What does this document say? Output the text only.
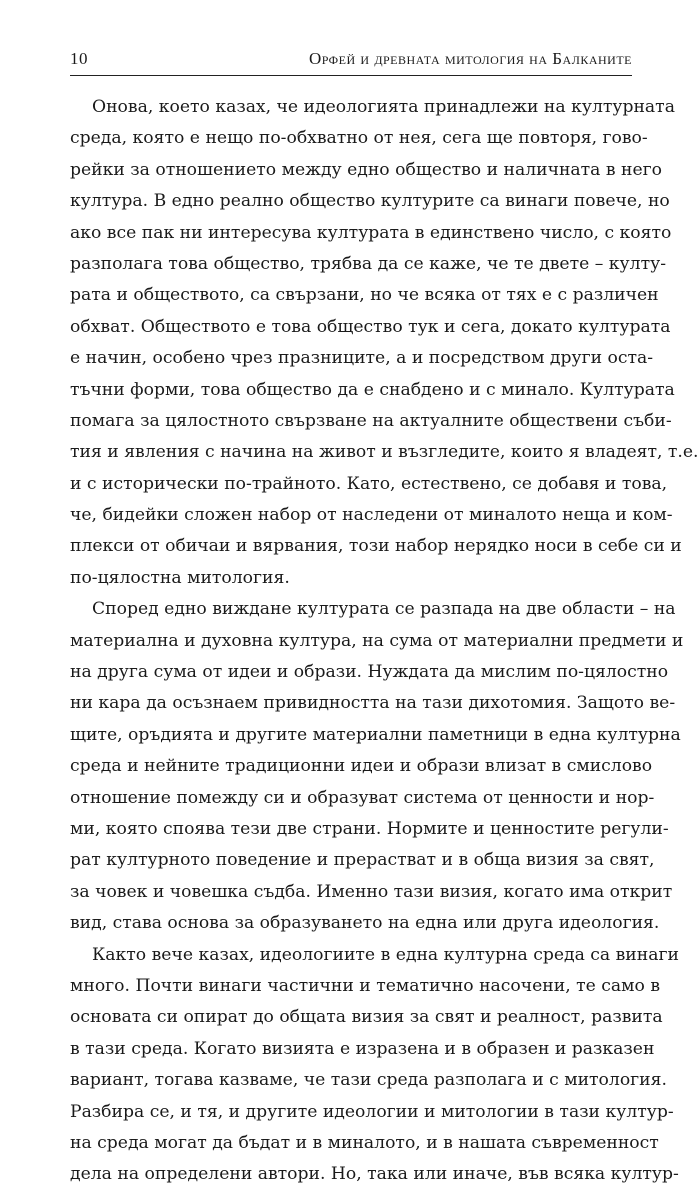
10	Орфей и древната митология на Балканите
Онова, което казах, че идеологията принадлежи на културната
среда, която е нещо по-обхватно от нея, сега ще повторя, гово-
рейки за отношението между едно общество и наличната в него
култура. В едно реално общество културите са винаги повече, но
ако все пак ни интересува културата в единствено число, с която
разполага това общество, трябва да се каже, че те двете – култу-
рата и обществото, са свързани, но че всяка от тях е с различен
обхват. Обществото е това общество тук и сега, докато културата
е начин, особено чрез празниците, а и посредством други оста-
тъчни форми, това общество да е снабдено и с минало. Културата
помага за цялостното свързване на актуалните обществени съби-
тия и явления с начина на живот и възгледите, които я владеят, т.е.
и с исторически по-трайното. Като, естествено, се добавя и това,
че, бидейки сложен набор от наследени от миналото неща и ком-
плекси от обичаи и вярвания, този набор нерядко носи в себе си и
по-цялостна митология.
Според едно виждане културата се разпада на две области – на
материална и духовна култура, на сума от материални предмети и
на друга сума от идеи и образи. Нуждата да мислим по-цялостно
ни кара да осъзнаем привидността на тази дихотомия. Защото ве-
щите, оръдията и другите материални паметници в една културна
среда и нейните традиционни идеи и образи влизат в смислово
отношение помежду си и образуват система от ценности и нор-
ми, която споява тези две страни. Нормите и ценностите регули-
рат културното поведение и прерастват и в обща визия за свят,
за човек и човешка съдба. Именно тази визия, когато има открит
вид, става основа за образуването на една или друга идеология.
Както вече казах, идеологиите в една културна среда са винаги
много. Почти винаги частични и тематично насочени, те само в
основата си опират до общата визия за свят и реалност, развита
в тази среда. Когато визията е изразена и в образен и разказен
вариант, тогава казваме, че тази среда разполага и с митология.
Разбира се, и тя, и другите идеологии и митологии в тази култур-
на среда могат да бъдат и в миналото, и в нашата съвременност
дела на определени автори. Но, така или иначе, във всяка култур-
